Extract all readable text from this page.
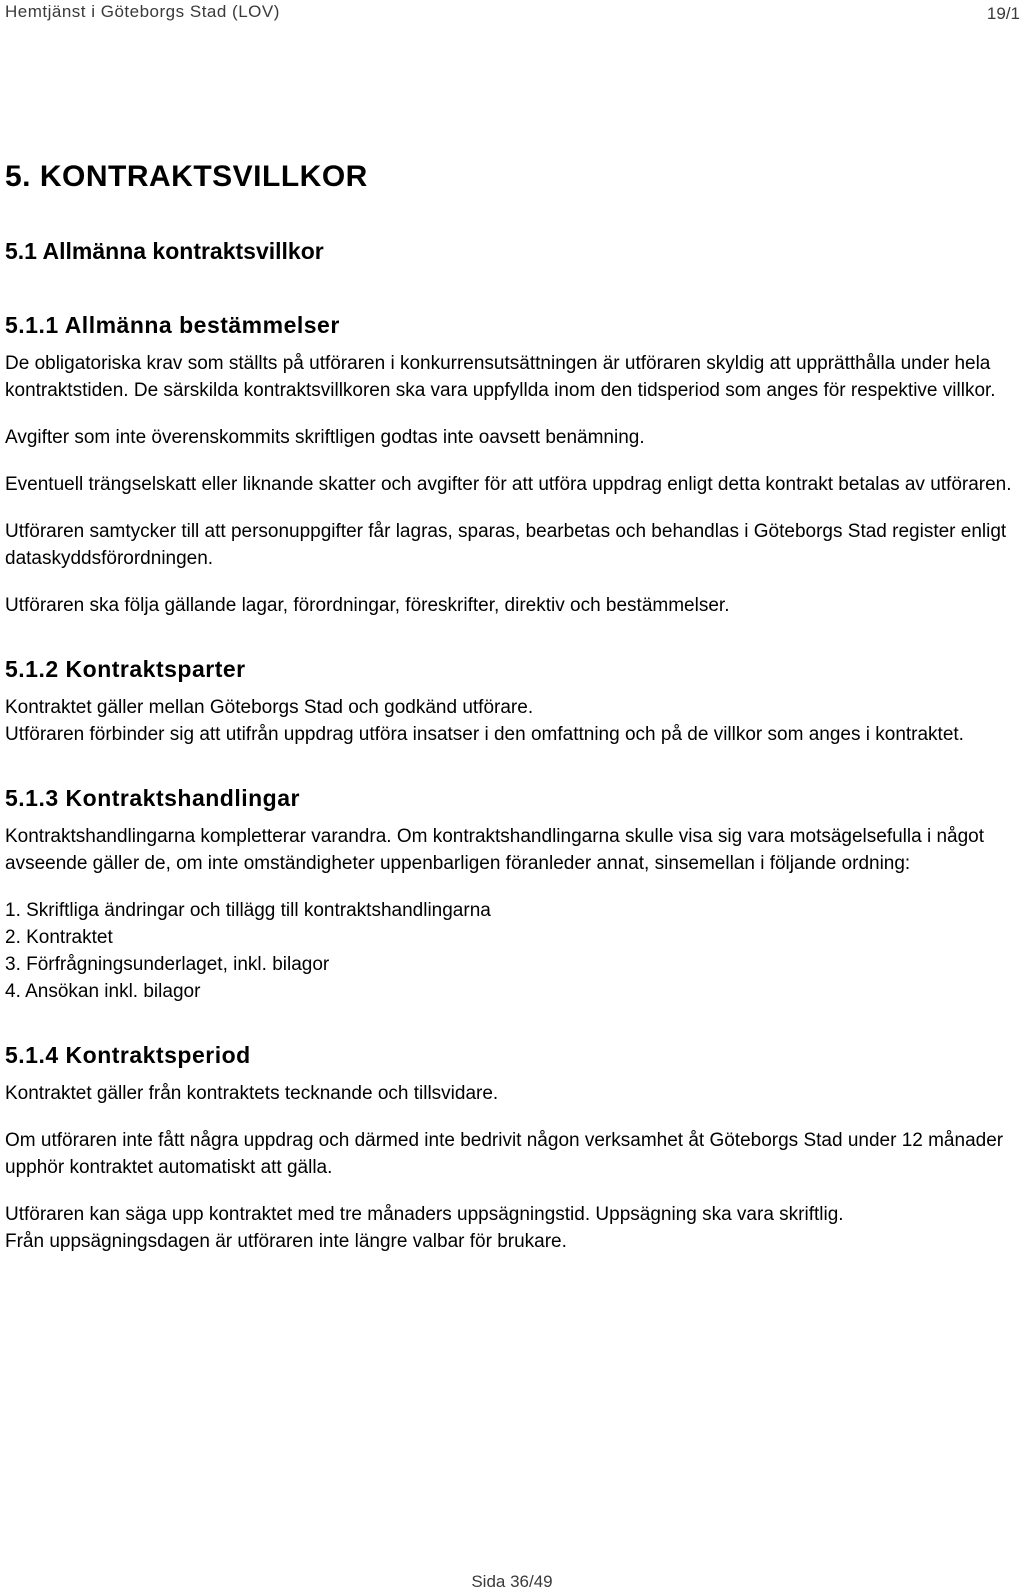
Hemtjänst i Göteborgs Stad (LOV)	19/1
5. KONTRAKTSVILLKOR
5.1 Allmänna kontraktsvillkor
5.1.1 Allmänna bestämmelser

De obligatoriska krav som ställts på utföraren i konkurrensutsättningen är utföraren skyldig att upprätthålla under hela kontraktstiden. De särskilda kontraktsvillkoren ska vara uppfyllda inom den tidsperiod som anges för respektive villkor.

Avgifter som inte överenskommits skriftligen godtas inte oavsett benämning.

Eventuell trängselskatt eller liknande skatter och avgifter för att utföra uppdrag enligt detta kontrakt betalas av utföraren.

Utföraren samtycker till att personuppgifter får lagras, sparas, bearbetas och behandlas i Göteborgs Stad register enligt dataskyddsförordningen.

Utföraren ska följa gällande lagar, förordningar, föreskrifter, direktiv och bestämmelser.

5.1.2 Kontraktsparter

Kontraktet gäller mellan Göteborgs Stad och godkänd utförare.

Utföraren förbinder sig att utifrån uppdrag utföra insatser i den omfattning och på de villkor som anges i kontraktet.

5.1.3 Kontraktshandlingar

Kontraktshandlingarna kompletterar varandra. Om kontraktshandlingarna skulle visa sig vara motsägelsefulla i något avseende gäller de, om inte omständigheter uppenbarligen föranleder annat, sinsemellan i följande ordning:

1. Skriftliga ändringar och tillägg till kontraktshandlingarna
2. Kontraktet
3. Förfrågningsunderlaget, inkl. bilagor
4. Ansökan inkl. bilagor
5.1.4 Kontraktsperiod

Kontraktet gäller från kontraktets tecknande och tillsvidare.

Om utföraren inte fått några uppdrag och därmed inte bedrivit någon verksamhet åt Göteborgs Stad under 12 månader upphör kontraktet automatiskt att gälla.

Utföraren kan säga upp kontraktet med tre månaders uppsägningstid. Uppsägning ska vara skriftlig.

Från uppsägningsdagen är utföraren inte längre valbar för brukare.

Sida 36/49
